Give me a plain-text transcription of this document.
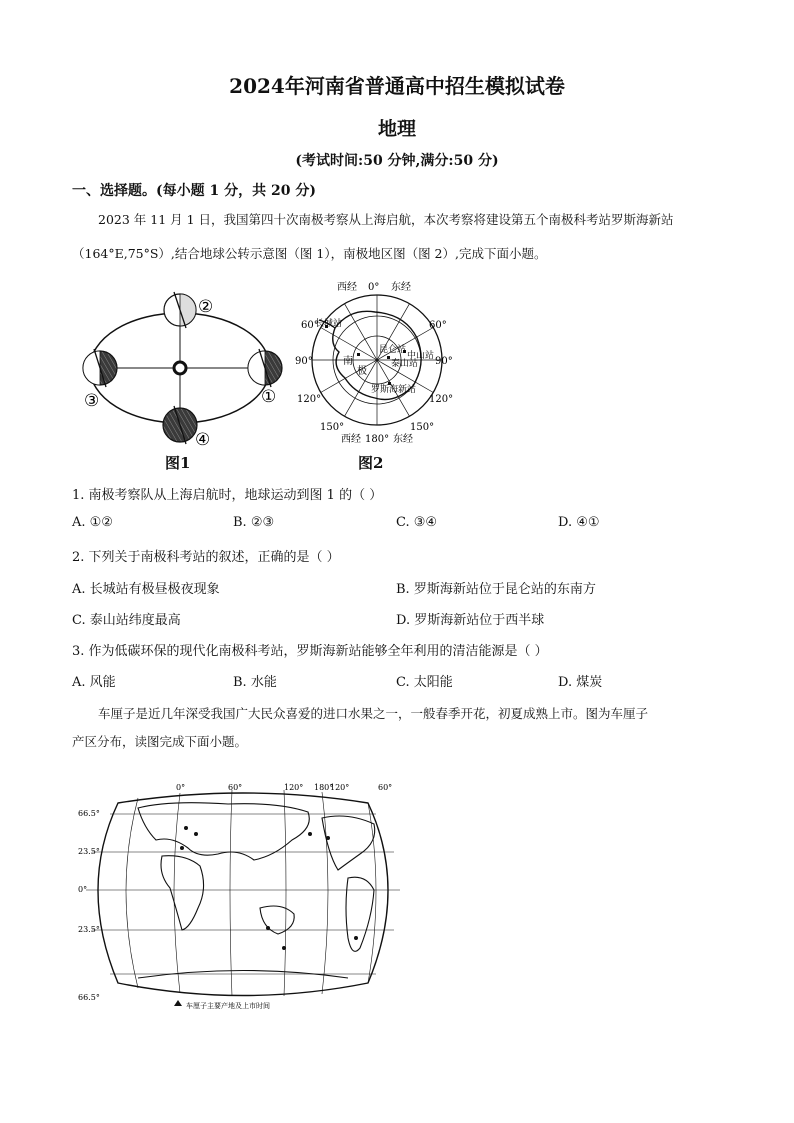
2024年河南省普通高中招生模拟试卷
地理
(考试时间:50 分钟,满分:50 分)
一、选择题。(每小题 1 分，共 20 分)
2023 年 11 月 1 日，我国第四十次南极考察从上海启航，本次考察将建设第五个南极科考站罗斯海新站
（164°E,75°S）,结合地球公转示意图（图 1），南极地区图（图 2）,完成下面小题。
②
①
③
④
图1
西经 0° 东经
长城站
昆仑站
中山站
泰山站
罗斯海新站
南
极
60°	60°
90°	90°
120°	120°
150°	150°
西经 180° 东经
图2
1. 南极考察队从上海启航时，地球运动到图 1 的（ ）
A. ①②	B. ②③	C. ③④	D. ④①
2. 下列关于南极科考站的叙述，正确的是（ ）
A. 长城站有极昼极夜现象	B. 罗斯海新站位于昆仑站的东南方
C. 泰山站纬度最高	D. 罗斯海新站位于西半球
3. 作为低碳环保的现代化南极科考站，罗斯海新站能够全年利用的清洁能源是（ ）
A. 风能	B. 水能	C. 太阳能	D. 煤炭
车厘子是近几年深受我国广大民众喜爱的进口水果之一，一般春季开花，初夏成熟上市。图为车厘子
产区分布，读图完成下面小题。
0°	60°	120° 180°
120°	60°
66.5°
23.5°
0°
23.5°
66.5°
车厘子主要产地及上市时间
